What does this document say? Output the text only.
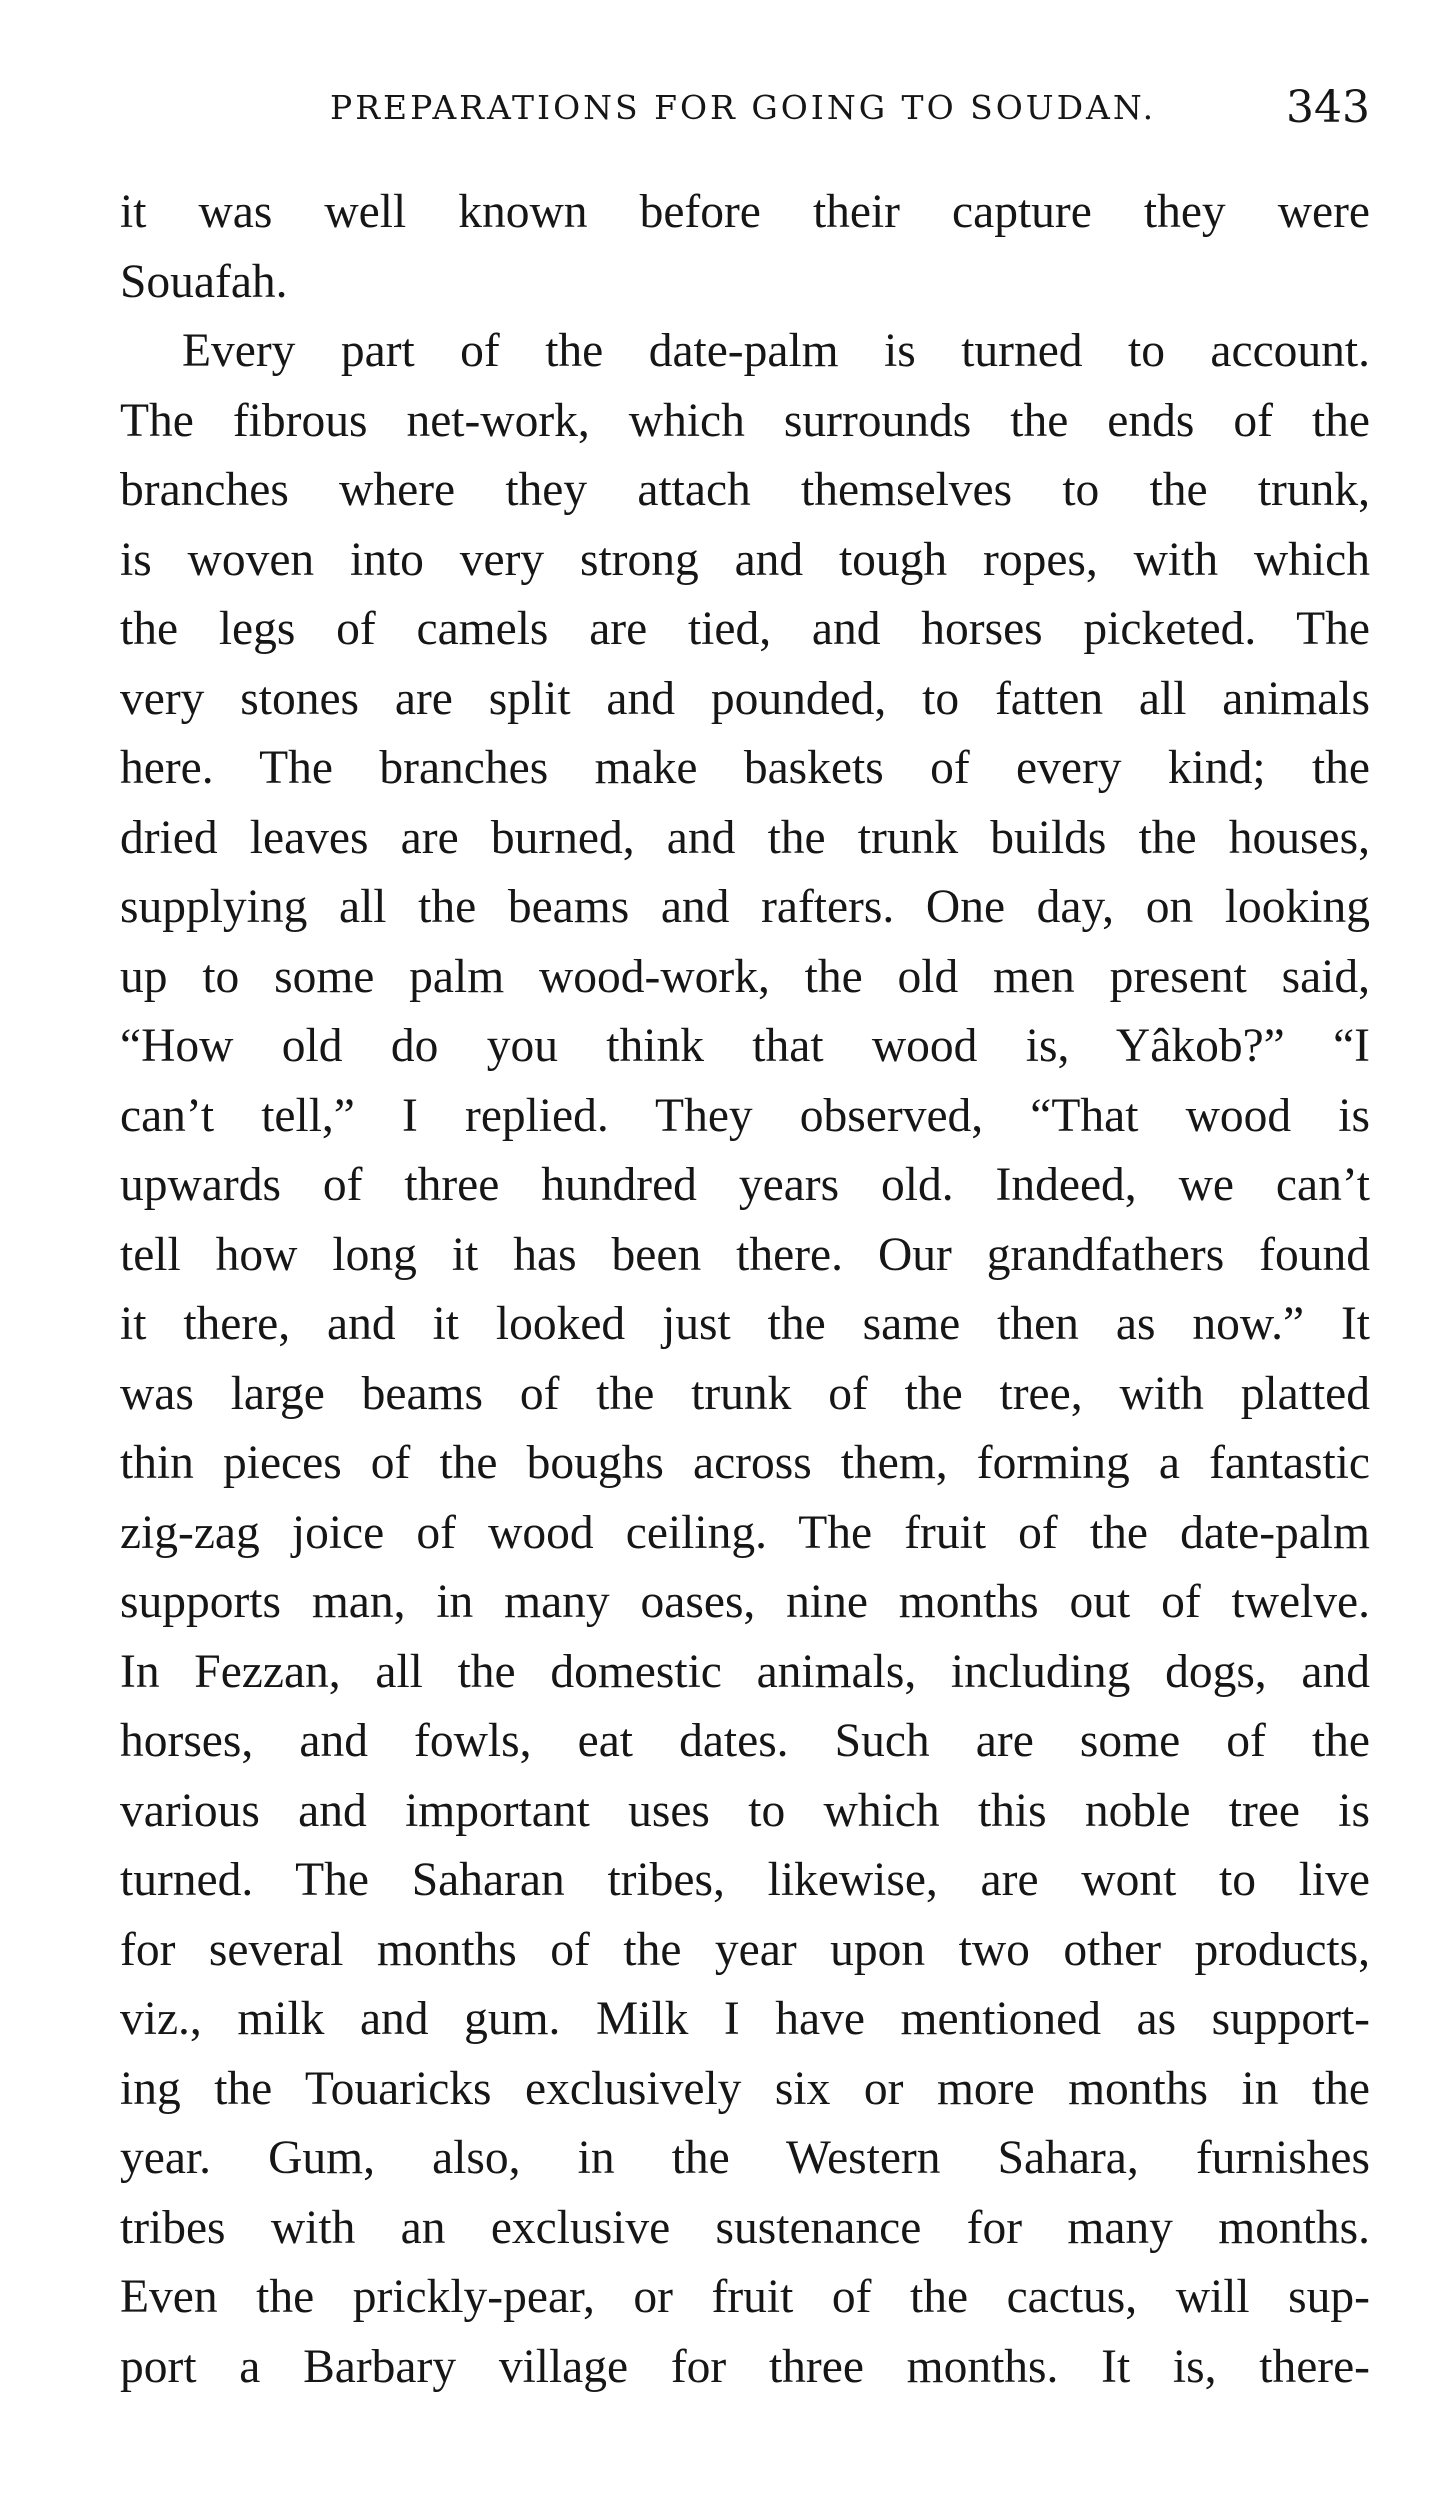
PREPARATIONS FOR GOING TO SOUDAN.	343
it was well known before their capture they were
Souafah.
Every part of the date-palm is turned to account.
The fibrous net-work, which surrounds the ends of the
branches where they attach themselves to the trunk,
is woven into very strong and tough ropes, with which
the legs of camels are tied, and horses picketed. The
very stones are split and pounded, to fatten all animals
here. The branches make baskets of every kind; the
dried leaves are burned, and the trunk builds the houses,
supplying all the beams and rafters. One day, on looking
up to some palm wood-work, the old men present said,
“How old do you think that wood is, Yâkob?” “I
can’t tell,” I replied. They observed, “That wood is
upwards of three hundred years old. Indeed, we can’t
tell how long it has been there. Our grandfathers found
it there, and it looked just the same then as now.” It
was large beams of the trunk of the tree, with platted
thin pieces of the boughs across them, forming a fantastic
zig-zag joice of wood ceiling. The fruit of the date-palm
supports man, in many oases, nine months out of twelve.
In Fezzan, all the domestic animals, including dogs, and
horses, and fowls, eat dates. Such are some of the
various and important uses to which this noble tree is
turned. The Saharan tribes, likewise, are wont to live
for several months of the year upon two other products,
viz., milk and gum. Milk I have mentioned as support-
ing the Touaricks exclusively six or more months in the
year. Gum, also, in the Western Sahara, furnishes
tribes with an exclusive sustenance for many months.
Even the prickly-pear, or fruit of the cactus, will sup-
port a Barbary village for three months. It is, there-
